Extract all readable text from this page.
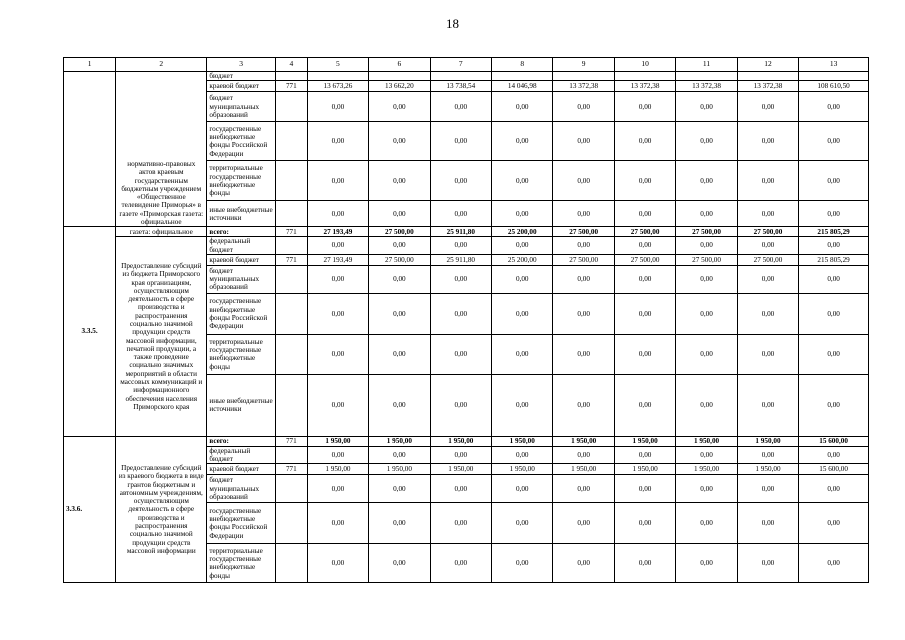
18
1	2	3	4	5	6	7	8	9	10	11	12	13
	нормативно-правовых актов краевым государственным бюджетным учреждением «Общественное телевидение Приморья» в газете «Приморская газета: официальное	бюджет										
		краевой бюджет	771	13 673,26	13 662,20	13 738,54	14 046,98	13 372,38	13 372,38	13 372,38	13 372,38	108 610,50
		бюджет муниципальных образований		0,00	0,00	0,00	0,00	0,00	0,00	0,00	0,00	0,00
		государственные внебюджетные фонды Российской Федерации		0,00	0,00	0,00	0,00	0,00	0,00	0,00	0,00	0,00
		территориальные государственные внебюджетные фонды		0,00	0,00	0,00	0,00	0,00	0,00	0,00	0,00	0,00
		иные внебюджетные источники		0,00	0,00	0,00	0,00	0,00	0,00	0,00	0,00	0,00
3.3.5.	газета: официальное	всего:	771	27 193,49	27 500,00	25 911,80	25 200,00	27 500,00	27 500,00	27 500,00	27 500,00	215 805,29
	Предоставление субсидий из бюджета Приморского края организациям, осуществляющим деятельность в сфере производства и распространения социально значимой продукции средств массовой информации, печатной продукции, а также проведение социально значимых мероприятий в области массовых коммуникаций и информационного обеспечения населения Приморского края	федеральный бюджет		0,00	0,00	0,00	0,00	0,00	0,00	0,00	0,00	0,00
		краевой бюджет	771	27 193,49	27 500,00	25 911,80	25 200,00	27 500,00	27 500,00	27 500,00	27 500,00	215 805,29
		бюджет муниципальных образований		0,00	0,00	0,00	0,00	0,00	0,00	0,00	0,00	0,00
		государственные внебюджетные фонды Российской Федерации		0,00	0,00	0,00	0,00	0,00	0,00	0,00	0,00	0,00
		территориальные государственные внебюджетные фонды		0,00	0,00	0,00	0,00	0,00	0,00	0,00	0,00	0,00
		иные внебюджетные источники		0,00	0,00	0,00	0,00	0,00	0,00	0,00	0,00	0,00
3.3.6.	Предоставление субсидий из краевого бюджета в виде грантов бюджетным и автономным учреждениям, осуществляющим деятельность в сфере производства и распространения социально значимой продукции средств массовой информации	всего:	771	1 950,00	1 950,00	1 950,00	1 950,00	1 950,00	1 950,00	1 950,00	1 950,00	15 600,00
		федеральный бюджет		0,00	0,00	0,00	0,00	0,00	0,00	0,00	0,00	0,00
		краевой бюджет	771	1 950,00	1 950,00	1 950,00	1 950,00	1 950,00	1 950,00	1 950,00	1 950,00	15 600,00
		бюджет муниципальных образований		0,00	0,00	0,00	0,00	0,00	0,00	0,00	0,00	0,00
		государственные внебюджетные фонды Российской Федерации		0,00	0,00	0,00	0,00	0,00	0,00	0,00	0,00	0,00
		территориальные государственные внебюджетные фонды		0,00	0,00	0,00	0,00	0,00	0,00	0,00	0,00	0,00
